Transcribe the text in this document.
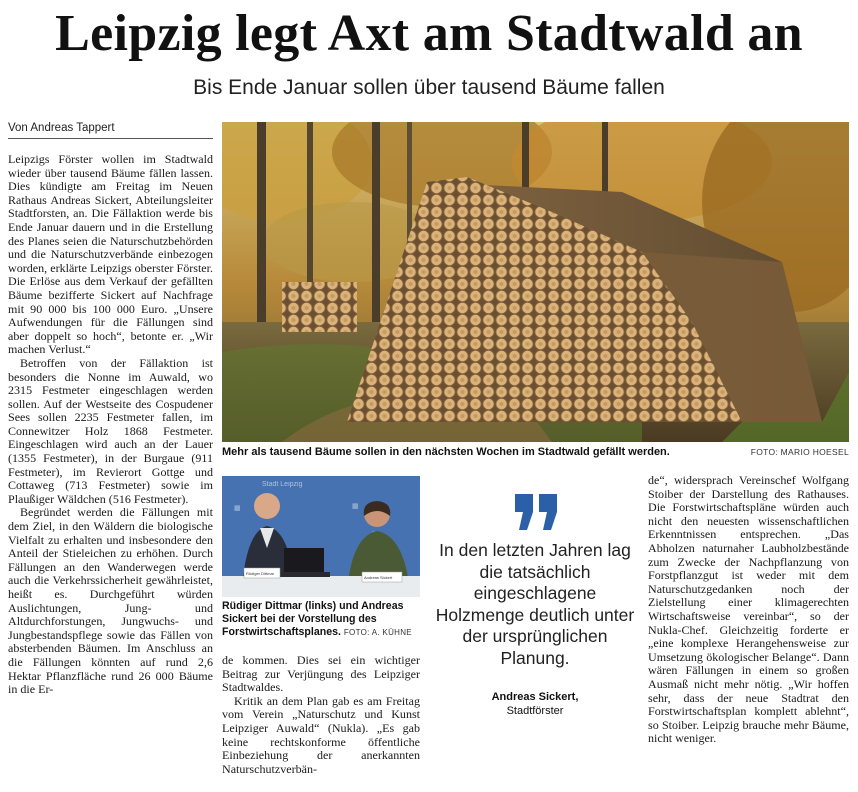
Leipzig legt Axt am Stadtwald an
Bis Ende Januar sollen über tausend Bäume fallen
Von Andreas Tappert

Leipzigs Förster wollen im Stadtwald wieder über tausend Bäume fällen lassen. Dies kündigte am Freitag im Neuen Rathaus Andreas Sickert, Abteilungsleiter Stadtforsten, an. Die Fällaktion werde bis Ende Januar dauern und in die Erstellung des Planes seien die Naturschutzbehörden und die Naturschutzverbände einbezogen worden, erklärte Leipzigs oberster Förster. Die Erlöse aus dem Verkauf der gefällten Bäume bezifferte Sickert auf Nachfrage mit 90 000 bis 100 000 Euro. „Unsere Aufwendungen für die Fällungen sind aber doppelt so hoch“, betonte er. „Wir machen Verlust.“

Betroffen von der Fällaktion ist besonders die Nonne im Auwald, wo 2315 Festmeter eingeschlagen werden sollen. Auf der Westseite des Cospudener Sees sollen 2235 Festmeter fallen, im Connewitzer Holz 1868 Festmeter. Eingeschlagen wird auch an der Lauer (1355 Festmeter), in der Burgaue (911 Festmeter), im Revierort Gottge und Cottaweg (713 Festmeter) sowie im Plaußiger Wäldchen (516 Festmeter).

Begründet werden die Fällungen mit dem Ziel, in den Wäldern die biologische Vielfalt zu erhalten und insbesondere den Anteil der Stieleichen zu erhöhen. Durch Fällungen an den Wanderwegen werde auch die Verkehrssicherheit gewährleistet, heißt es. Durchgeführt würden Auslichtungen, Jung- und Altdurchforstungen, Jungwuchs- und Jungbestandspflege sowie das Fällen von absterbenden Bäumen. Im Anschluss an die Fällungen könnten auf rund 2,6 Hektar Pflanzfläche rund 26 000 Bäume in die Er-

Mehr als tausend Bäume sollen in den nächsten Wochen im Stadtwald gefällt werden.	FOTO: MARIO HOESEL
Stadt Leipzig
▦
▦
Rüdiger Dittmar
Andreas Sickert
Rüdiger Dittmar (links) und Andreas Sickert bei der Vorstellung des Forstwirtschaftsplanes. FOTO: A. KÜHNE

de kommen. Dies sei ein wichtiger Beitrag zur Verjüngung des Leipziger Stadtwaldes.

Kritik an dem Plan gab es am Freitag vom Verein „Naturschutz und Kunst Leipziger Auwald“ (Nukla). „Es gab keine rechtskonforme öffentliche Einbeziehung der anerkannten Naturschutzverbän-

In den letzten Jahren lag die tatsächlich eingeschlagene Holzmenge deutlich unter der ursprünglichen Planung.
Andreas Sickert,
Stadtförster

de“, widersprach Vereinschef Wolfgang Stoiber der Darstellung des Rathauses. Die Forstwirtschaftspläne würden auch nicht den neuesten wissenschaftlichen Erkenntnissen entsprechen. „Das Abholzen naturnaher Laubholzbestände zum Zwecke der Nachpflanzung von Forstpflanzgut ist weder mit dem Naturschutzgedanken noch der Zielstellung einer klimagerechten Wirtschaftsweise vereinbar“, so der Nukla-Chef. Gleichzeitig forderte er „eine komplexe Herangehensweise zur Umsetzung ökologischer Belange“. Dann wären Fällungen in einem so großen Ausmaß nicht mehr nötig. „Wir hoffen sehr, dass der neue Stadtrat den Forstwirtschaftsplan komplett ablehnt“, so Stoiber. Leipzig brauche mehr Bäume, nicht weniger.
